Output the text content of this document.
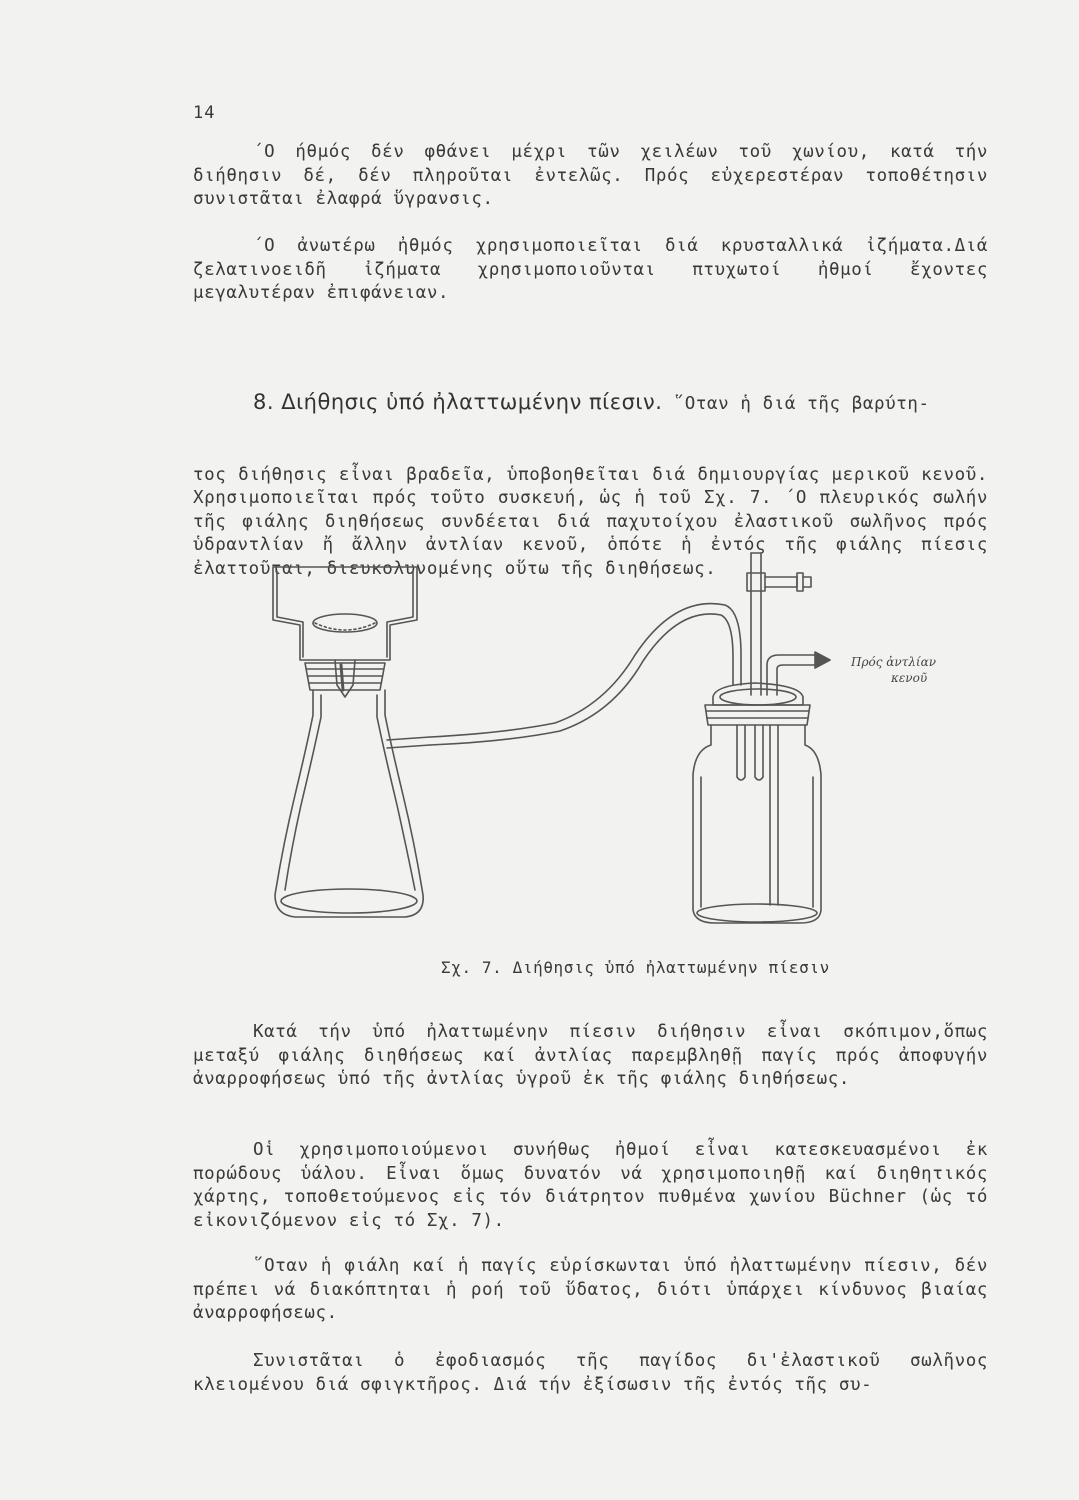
14

΄Ο ήθμός δέν φθάνει μέχρι τῶν χειλέων τοῦ χωνίου, κατά τήν διήθησιν δέ, δέν πληροῦται ἐντελῶς. Πρός εὐχερεστέραν τοποθέτησιν συνιστᾶται ἐλαφρά ὕγρανσις.

΄Ο ἀνωτέρω ἠθμός χρησιμοποιεῖται διά κρυσταλλικά ἰζήματα.Διά ζελατινοειδῆ ἰζήματα χρησιμοποιοῦνται πτυχωτοί ἠθμοί ἔχοντες μεγαλυτέραν ἐπιφάνειαν.

8. Διήθησις ὑπό ἠλαττωμένην πίεσιν. ῞Οταν ἡ διά τῆς βαρύτη-

τος διήθησις εἶναι βραδεῖα, ὑποβοηθεῖται διά δημιουργίας μερικοῦ κενοῦ. Χρησιμοποιεῖται πρός τοῦτο συσκευή, ὡς ἡ τοῦ Σχ. 7. ΄Ο πλευρικός σωλήν τῆς φιάλης διηθήσεως συνδέεται διά παχυτοίχου ἐλαστικοῦ σωλῆνος πρός ὑδραντλίαν ἤ ἄλλην ἀντλίαν κενοῦ, ὁπότε ἡ ἐντός τῆς φιάλης πίεσις ἐλαττοῦται, διευκολυνομένης οὕτω τῆς διηθήσεως.

Πρός ἀντλίαν
κενοῦ
Σχ. 7. Διήθησις ὑπό ἠλαττωμένην πίεσιν

Κατά τήν ὑπό ἠλαττωμένην πίεσιν διήθησιν εἶναι σκόπιμον,ὅπως μεταξύ φιάλης διηθήσεως καί ἀντλίας παρεμβληθῇ παγίς πρός ἀποφυγήν ἀναρροφήσεως ὑπό τῆς ἀντλίας ὑγροῦ ἐκ τῆς φιάλης διηθήσεως.

Οἱ χρησιμοποιούμενοι συνήθως ἠθμοί εἶναι κατεσκευασμένοι ἐκ πορώδους ὑάλου. Εἶναι ὅμως δυνατόν νά χρησιμοποιηθῇ καί διηθητικός χάρτης, τοποθετούμενος εἰς τόν διάτρητον πυθμένα χωνίου Büchner (ὡς τό εἰκονιζόμενον εἰς τό Σχ. 7).

῞Οταν ἡ φιάλη καί ἡ παγίς εὑρίσκωνται ὑπό ἠλαττωμένην πίεσιν, δέν πρέπει νά διακόπτηται ἡ ροή τοῦ ὕδατος, διότι ὑπάρχει κίνδυνος βιαίας ἀναρροφήσεως.

Συνιστᾶται ὁ ἐφοδιασμός τῆς παγίδος δι'ἐλαστικοῦ σωλῆνος κλειομένου διά σφιγκτῆρος. Διά τήν ἐξίσωσιν τῆς ἐντός τῆς συ-
